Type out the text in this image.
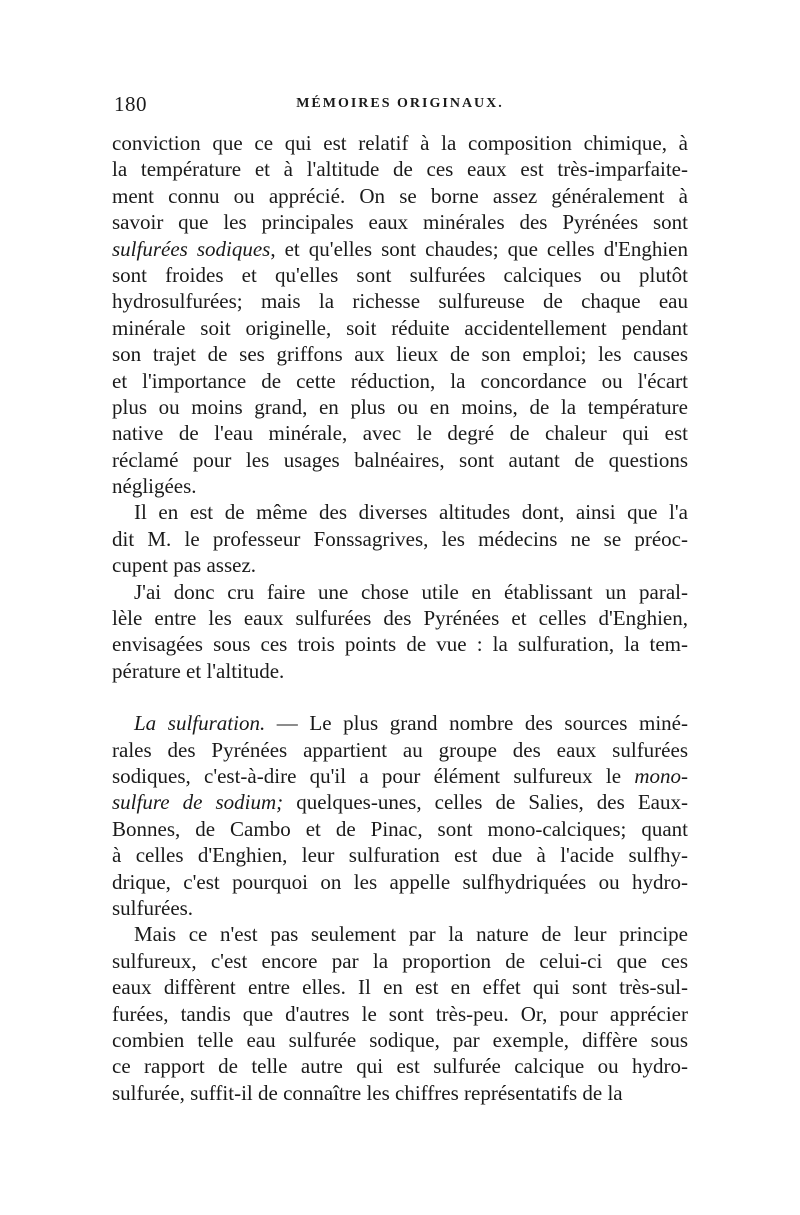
180	MÉMOIRES ORIGINAUX.
conviction que ce qui est relatif à la composition chimique, à
la température et à l'altitude de ces eaux est très-imparfaite-
ment connu ou apprécié. On se borne assez généralement à
savoir que les principales eaux minérales des Pyrénées sont
sulfurées sodiques, et qu'elles sont chaudes; que celles d'Enghien
sont froides et qu'elles sont sulfurées calciques ou plutôt
hydrosulfurées; mais la richesse sulfureuse de chaque eau
minérale soit originelle, soit réduite accidentellement pendant
son trajet de ses griffons aux lieux de son emploi; les causes
et l'importance de cette réduction, la concordance ou l'écart
plus ou moins grand, en plus ou en moins, de la température
native de l'eau minérale, avec le degré de chaleur qui est
réclamé pour les usages balnéaires, sont autant de questions
négligées.
Il en est de même des diverses altitudes dont, ainsi que l'a
dit M. le professeur Fonssagrives, les médecins ne se préoc-
cupent pas assez.
J'ai donc cru faire une chose utile en établissant un paral-
lèle entre les eaux sulfurées des Pyrénées et celles d'Enghien,
envisagées sous ces trois points de vue : la sulfuration, la tem-
pérature et l'altitude.
La sulfuration. — Le plus grand nombre des sources miné-
rales des Pyrénées appartient au groupe des eaux sulfurées
sodiques, c'est-à-dire qu'il a pour élément sulfureux le mono-
sulfure de sodium; quelques-unes, celles de Salies, des Eaux-
Bonnes, de Cambo et de Pinac, sont mono-calciques; quant
à celles d'Enghien, leur sulfuration est due à l'acide sulfhy-
drique, c'est pourquoi on les appelle sulfhydriquées ou hydro-
sulfurées.
Mais ce n'est pas seulement par la nature de leur principe
sulfureux, c'est encore par la proportion de celui-ci que ces
eaux diffèrent entre elles. Il en est en effet qui sont très-sul-
furées, tandis que d'autres le sont très-peu. Or, pour apprécier
combien telle eau sulfurée sodique, par exemple, diffère sous
ce rapport de telle autre qui est sulfurée calcique ou hydro-
sulfurée, suffit-il de connaître les chiffres représentatifs de la
